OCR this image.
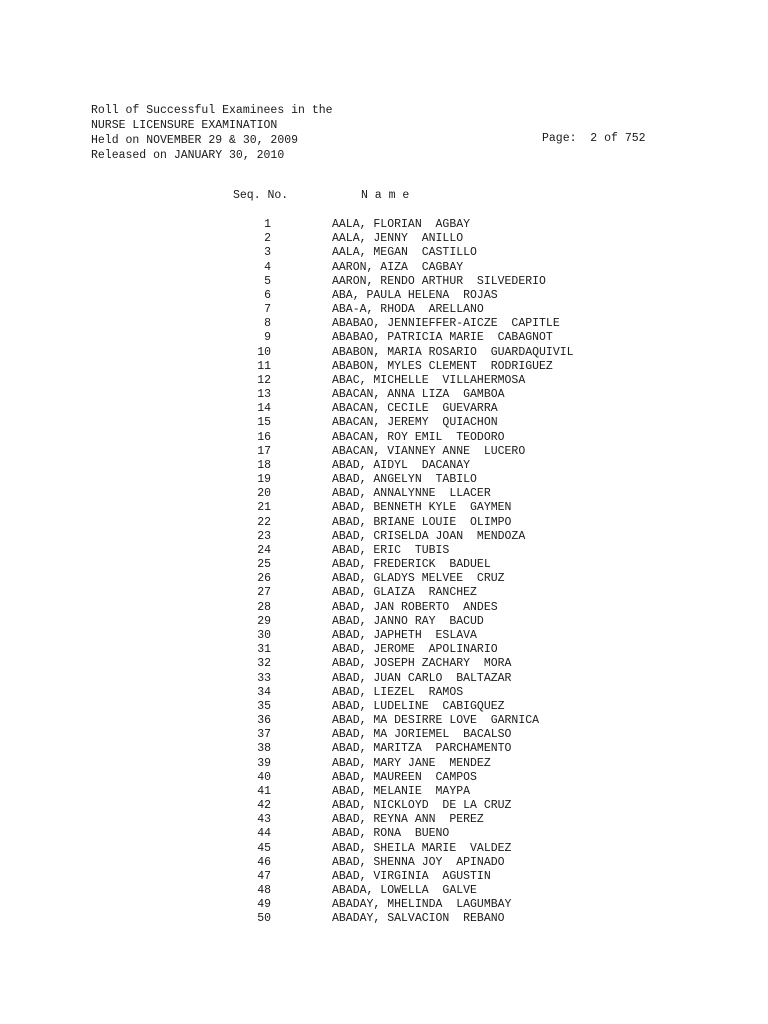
Roll of Successful Examinees in the
NURSE LICENSURE EXAMINATION
Held on NOVEMBER 29 & 30, 2009
Released on JANUARY 30, 2010
Page:  2 of 752
Seq. No.	N a m e
1	AALA, FLORIAN  AGBAY
2	AALA, JENNY  ANILLO
3	AALA, MEGAN  CASTILLO
4	AARON, AIZA  CAGBAY
5	AARON, RENDO ARTHUR  SILVEDERIO
6	ABA, PAULA HELENA  ROJAS
7	ABA-A, RHODA  ARELLANO
8	ABABAO, JENNIEFFER-AICZE  CAPITLE
9	ABABAO, PATRICIA MARIE  CABAGNOT
10	ABABON, MARIA ROSARIO  GUARDAQUIVIL
11	ABABON, MYLES CLEMENT  RODRIGUEZ
12	ABAC, MICHELLE  VILLAHERMOSA
13	ABACAN, ANNA LIZA  GAMBOA
14	ABACAN, CECILE  GUEVARRA
15	ABACAN, JEREMY  QUIACHON
16	ABACAN, ROY EMIL  TEODORO
17	ABACAN, VIANNEY ANNE  LUCERO
18	ABAD, AIDYL  DACANAY
19	ABAD, ANGELYN  TABILO
20	ABAD, ANNALYNNE  LLACER
21	ABAD, BENNETH KYLE  GAYMEN
22	ABAD, BRIANE LOUIE  OLIMPO
23	ABAD, CRISELDA JOAN  MENDOZA
24	ABAD, ERIC  TUBIS
25	ABAD, FREDERICK  BADUEL
26	ABAD, GLADYS MELVEE  CRUZ
27	ABAD, GLAIZA  RANCHEZ
28	ABAD, JAN ROBERTO  ANDES
29	ABAD, JANNO RAY  BACUD
30	ABAD, JAPHETH  ESLAVA
31	ABAD, JEROME  APOLINARIO
32	ABAD, JOSEPH ZACHARY  MORA
33	ABAD, JUAN CARLO  BALTAZAR
34	ABAD, LIEZEL  RAMOS
35	ABAD, LUDELINE  CABIGQUEZ
36	ABAD, MA DESIRRE LOVE  GARNICA
37	ABAD, MA JORIEMEL  BACALSO
38	ABAD, MARITZA  PARCHAMENTO
39	ABAD, MARY JANE  MENDEZ
40	ABAD, MAUREEN  CAMPOS
41	ABAD, MELANIE  MAYPA
42	ABAD, NICKLOYD  DE LA CRUZ
43	ABAD, REYNA ANN  PEREZ
44	ABAD, RONA  BUENO
45	ABAD, SHEILA MARIE  VALDEZ
46	ABAD, SHENNA JOY  APINADO
47	ABAD, VIRGINIA  AGUSTIN
48	ABADA, LOWELLA  GALVE
49	ABADAY, MHELINDA  LAGUMBAY
50	ABADAY, SALVACION  REBANO
